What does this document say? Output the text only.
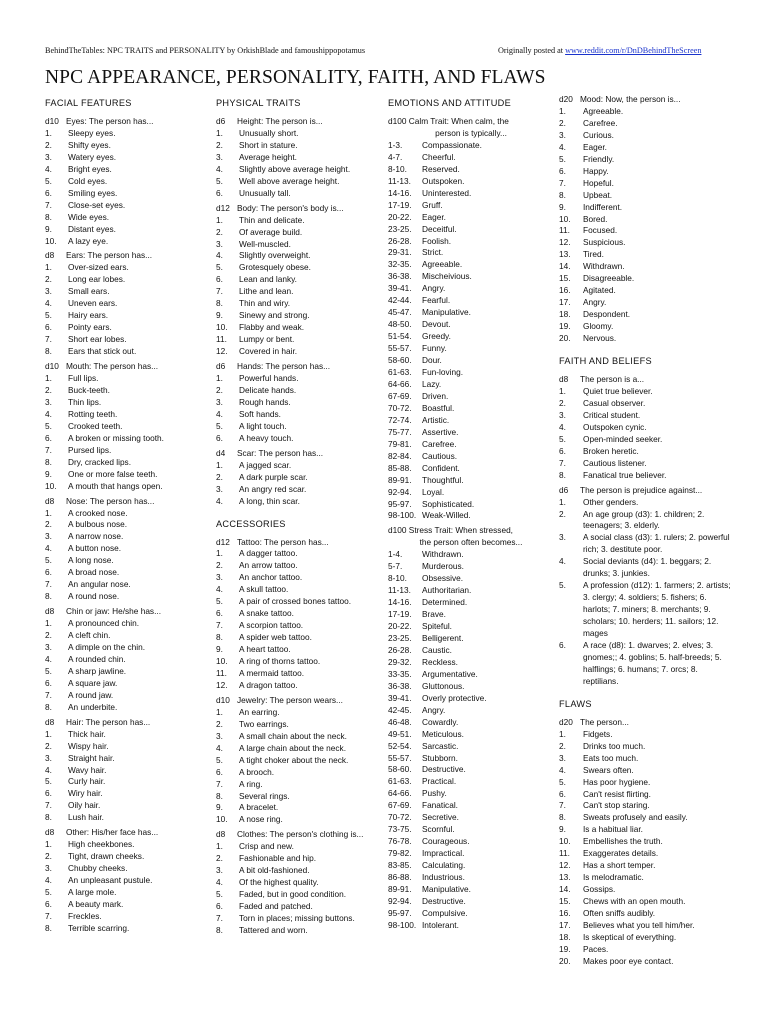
BehindTheTables: NPC TRAITS and PERSONALITY by OrkishBlade and famoushippopotamus	Originally posted at www.reddit.com/r/DnDBehindTheScreen
NPC APPEARANCE, PERSONALITY, FAITH, AND FLAWS
FACIAL FEATURES
d10 Eyes: The person has...
1.	Sleepy eyes.
2.	Shifty eyes.
3.	Watery eyes.
4.	Bright eyes.
5.	Cold eyes.
6.	Smiling eyes.
7.	Close-set eyes.
8.	Wide eyes.
9.	Distant eyes.
10.	A lazy eye.
d8	Ears: The person has...
1.	Over-sized ears.
2.	Long ear lobes.
3.	Small ears.
4.	Uneven ears.
5.	Hairy ears.
6.	Pointy ears.
7.	Short ear lobes.
8.	Ears that stick out.
d10 Mouth: The person has...
1.	Full lips.
2.	Buck-teeth.
3.	Thin lips.
4.	Rotting teeth.
5.	Crooked teeth.
6.	A broken or missing tooth.
7.	Pursed lips.
8.	Dry, cracked lips.
9.	One or more false teeth.
10.	A mouth that hangs open.
d8	Nose: The person has...
1.	A crooked nose.
2.	A bulbous nose.
3.	A narrow nose.
4.	A button nose.
5.	A long nose.
6.	A broad nose.
7.	An angular nose.
8.	A round nose.
d8	Chin or jaw: He/she has...
1.	A pronounced chin.
2.	A cleft chin.
3.	A dimple on the chin.
4.	A rounded chin.
5.	A sharp jawline.
6.	A square jaw.
7.	A round jaw.
8.	An underbite.
d8	Hair: The person has...
1.	Thick hair.
2.	Wispy hair.
3.	Straight hair.
4.	Wavy hair.
5.	Curly hair.
6.	Wiry hair.
7.	Oily hair.
8.	Lush hair.
d8	Other: His/her face has...
1.	High cheekbones.
2.	Tight, drawn cheeks.
3.	Chubby cheeks.
4.	An unpleasant pustule.
5.	A large mole.
6.	A beauty mark.
7.	Freckles.
8.	Terrible scarring.
PHYSICAL TRAITS
d6	Height: The person is...
1.	Unusually short.
2.	Short in stature.
3.	Average height.
4.	Slightly above average height.
5.	Well above average height.
6.	Unusually tall.
d12 Body: The person's body is...
1.	Thin and delicate.
2.	Of average build.
3.	Well-muscled.
4.	Slightly overweight.
5.	Grotesquely obese.
6.	Lean and lanky.
7.	Lithe and lean.
8.	Thin and wiry.
9.	Sinewy and strong.
10.	Flabby and weak.
11.	Lumpy or bent.
12.	Covered in hair.
d6	Hands: The person has...
1.	Powerful hands.
2.	Delicate hands.
3.	Rough hands.
4.	Soft hands.
5.	A light touch.
6.	A heavy touch.
d4	Scar: The person has...
1.	A jagged scar.
2.	A dark purple scar.
3.	An angry red scar.
4.	A long, thin scar.
ACCESSORIES
d12 Tattoo: The person has...
1.	A dagger tattoo.
2.	An arrow tattoo.
3.	An anchor tattoo.
4.	A skull tattoo.
5.	A pair of crossed bones tattoo.
6.	A snake tattoo.
7.	A scorpion tattoo.
8.	A spider web tattoo.
9.	A heart tattoo.
10.	A ring of thorns tattoo.
11.	A mermaid tattoo.
12.	A dragon tattoo.
d10 Jewelry: The person wears...
1.	An earring.
2.	Two earrings.
3.	A small chain about the neck.
4.	A large chain about the neck.
5.	A tight choker about the neck.
6.	A brooch.
7.	A ring.
8.	Several rings.
9.	A bracelet.
10.	A nose ring.
d8	Clothes: The person's clothing is...
1.	Crisp and new.
2.	Fashionable and hip.
3.	A bit old-fashioned.
4.	Of the highest quality.
5.	Faded, but in good condition.
6.	Faded and patched.
7.	Torn in places; missing buttons.
8.	Tattered and worn.
EMOTIONS AND ATTITUDE
d100 Calm Trait: When calm, the
person is typically...
1-3.	Compassionate.
4-7.	Cheerful.
8-10.	Reserved.
11-13.	Outspoken.
14-16.	Uninterested.
17-19.	Gruff.
20-22.	Eager.
23-25.	Deceitful.
26-28.	Foolish.
29-31.	Strict.
32-35.	Agreeable.
36-38.	Mischeivious.
39-41.	Angry.
42-44.	Fearful.
45-47.	Manipulative.
48-50.	Devout.
51-54.	Greedy.
55-57.	Funny.
58-60.	Dour.
61-63.	Fun-loving.
64-66.	Lazy.
67-69.	Driven.
70-72.	Boastful.
72-74.	Artistic.
75-77.	Assertive.
79-81.	Carefree.
82-84.	Cautious.
85-88.	Confident.
89-91.	Thoughtful.
92-94.	Loyal.
95-97.	Sophisticated.
98-100. Weak-Willed.
d100 Stress Trait: When stressed,
the person often becomes...
1-4.	Withdrawn.
5-7.	Murderous.
8-10.	Obsessive.
11-13.	Authoritarian.
14-16.	Determined.
17-19.	Brave.
20-22.	Spiteful.
23-25.	Belligerent.
26-28.	Caustic.
29-32.	Reckless.
33-35.	Argumentative.
36-38.	Gluttonous.
39-41.	Overly protective.
42-45.	Angry.
46-48.	Cowardly.
49-51.	Meticulous.
52-54.	Sarcastic.
55-57.	Stubborn.
58-60.	Destructive.
61-63.	Practical.
64-66.	Pushy.
67-69.	Fanatical.
70-72.	Secretive.
73-75.	Scornful.
76-78.	Courageous.
79-82.	Impractical.
83-85.	Calculating.
86-88.	Industrious.
89-91.	Manipulative.
92-94.	Destructive.
95-97.	Compulsive.
98-100. Intolerant.
d20 Mood: Now, the person is...
1.	Agreeable.
2.	Carefree.
3.	Curious.
4.	Eager.
5.	Friendly.
6.	Happy.
7.	Hopeful.
8.	Upbeat.
9.	Indifferent.
10.	Bored.
11.	Focused.
12.	Suspicious.
13.	Tired.
14.	Withdrawn.
15.	Disagreeable.
16.	Agitated.
17.	Angry.
18.	Despondent.
19.	Gloomy.
20.	Nervous.
FAITH AND BELIEFS
d8	The person is a...
1.	Quiet true believer.
2.	Casual observer.
3.	Critical student.
4.	Outspoken cynic.
5.	Open-minded seeker.
6.	Broken heretic.
7.	Cautious listener.
8.	Fanatical true believer.
d6	The person is prejudice against...
1.	Other genders.
2.	An age group (d3): 1. children; 2. teenagers; 3. elderly.
3.	A social class (d3): 1. rulers; 2. powerful rich; 3. destitute poor.
4.	Social deviants (d4): 1. beggars; 2. drunks; 3. junkies.
5.	A profession (d12): 1. farmers; 2. artists; 3. clergy; 4. soldiers; 5. fishers; 6. harlots; 7. miners; 8. merchants; 9. scholars; 10. herders; 11. sailors; 12. mages
6.	A race (d8): 1. dwarves; 2. elves; 3. gnomes;; 4. goblins; 5. half-breeds; 5. halflings; 6. humans; 7. orcs; 8. reptilians.
FLAWS
d20 The person...
1.	Fidgets.
2.	Drinks too much.
3.	Eats too much.
4.	Swears often.
5.	Has poor hygiene.
6.	Can't resist flirting.
7.	Can't stop staring.
8.	Sweats profusely and easily.
9.	Is a habitual liar.
10.	Embellishes the truth.
11.	Exaggerates details.
12.	Has a short temper.
13.	Is melodramatic.
14.	Gossips.
15.	Chews with an open mouth.
16.	Often sniffs audibly.
17.	Believes what you tell him/her.
18.	Is skeptical of everything.
19.	Paces.
20.	Makes poor eye contact.
